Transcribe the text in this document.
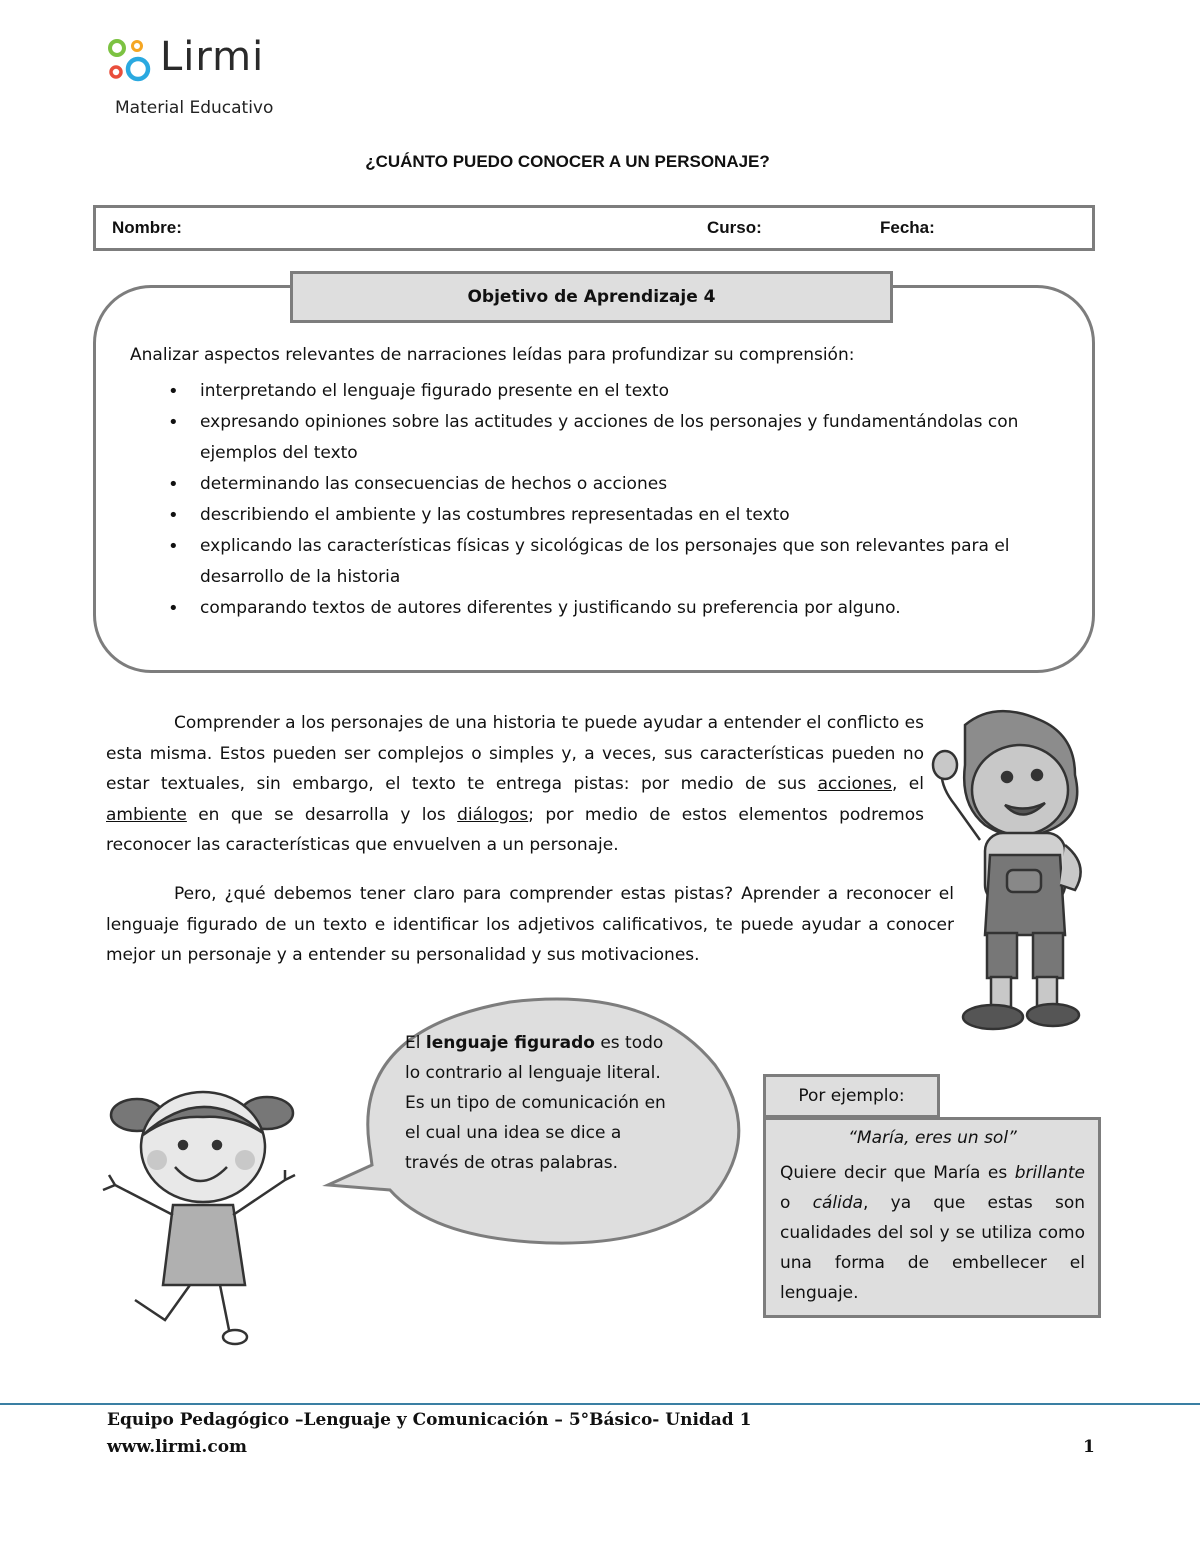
Lirmi
Material Educativo
¿CUÁNTO PUEDO CONOCER A UN PERSONAJE?
Nombre:	Curso:	Fecha:
Objetivo de Aprendizaje 4
Analizar aspectos relevantes de narraciones leídas para profundizar su comprensión:
• interpretando el lenguaje figurado presente en el texto
• expresando opiniones sobre las actitudes y acciones de los personajes y fundamentándolas con ejemplos del texto
• determinando las consecuencias de hechos o acciones
• describiendo el ambiente y las costumbres representadas en el texto
• explicando las características físicas y sicológicas de los personajes que son relevantes para el desarrollo de la historia
• comparando textos de autores diferentes y justificando su preferencia por alguno.
Comprender a los personajes de una historia te puede ayudar a entender el conflicto es esta misma. Estos pueden ser complejos o simples y, a veces, sus características pueden no estar textuales, sin embargo, el texto te entrega pistas: por medio de sus acciones, el ambiente en que se desarrolla y los diálogos; por medio de estos elementos podremos reconocer las características que envuelven a un personaje.
Pero, ¿qué debemos tener claro para comprender estas pistas? Aprender a reconocer el lenguaje figurado de un texto e identificar los adjetivos calificativos, te puede ayudar a conocer mejor un personaje y a entender su personalidad y sus motivaciones.
El lenguaje figurado es todo lo contrario al lenguaje literal.
Es un tipo de comunicación en el cual una idea se dice a través de otras palabras.
Por ejemplo:
“María, eres un sol”
Quiere decir que María es brillante o cálida, ya que estas son cualidades del sol y se utiliza como una forma de embellecer el lenguaje.
Equipo Pedagógico –Lenguaje y Comunicación – 5°Básico- Unidad 1
www.lirmi.com	1
